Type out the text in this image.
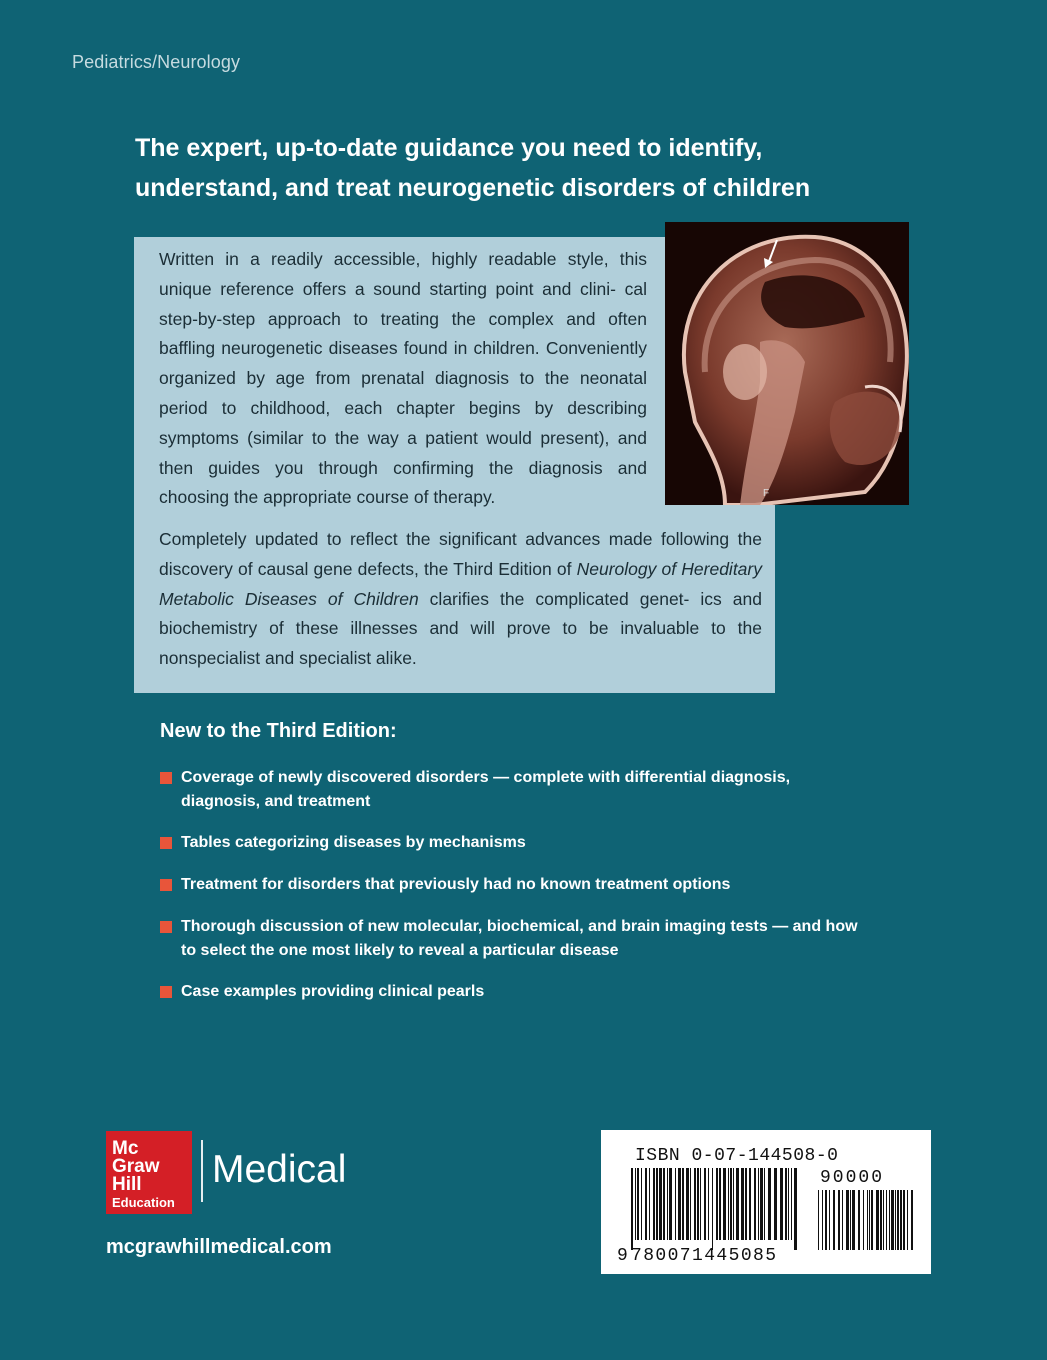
Pediatrics/Neurology
The expert, up-to-date guidance you need to identify,
understand, and treat neurogenetic disorders of children

Written in a readily accessible, highly readable style, this unique reference offers a sound starting point and clini- cal step-by-step approach to treating the complex and often baffling neurogenetic diseases found in children. Conveniently organized by age from prenatal diagnosis to the neonatal period to childhood, each chapter begins by describing symptoms (similar to the way a patient would present), and then guides you through confirming the diagnosis and choosing the appropriate course of therapy.

Completely updated to reflect the significant advances made following the discovery of causal gene defects, the Third Edition of Neurology of Hereditary Metabolic Diseases of Children clarifies the complicated genet- ics and biochemistry of these illnesses and will prove to be invaluable to the nonspecialist and specialist alike.

F
New to the Third Edition:
Coverage of newly discovered disorders — complete with differential diagnosis,
diagnosis, and treatment
Tables categorizing diseases by mechanisms
Treatment for disorders that previously had no known treatment options
Thorough discussion of new molecular, biochemical, and brain imaging tests — and how
to select the one most likely to reveal a particular disease
Case examples providing clinical pearls
Mc
Graw
Hill
Education
Medical
mcgrawhillmedical.com
ISBN 0-07-144508-0
9 780071445085
90000
